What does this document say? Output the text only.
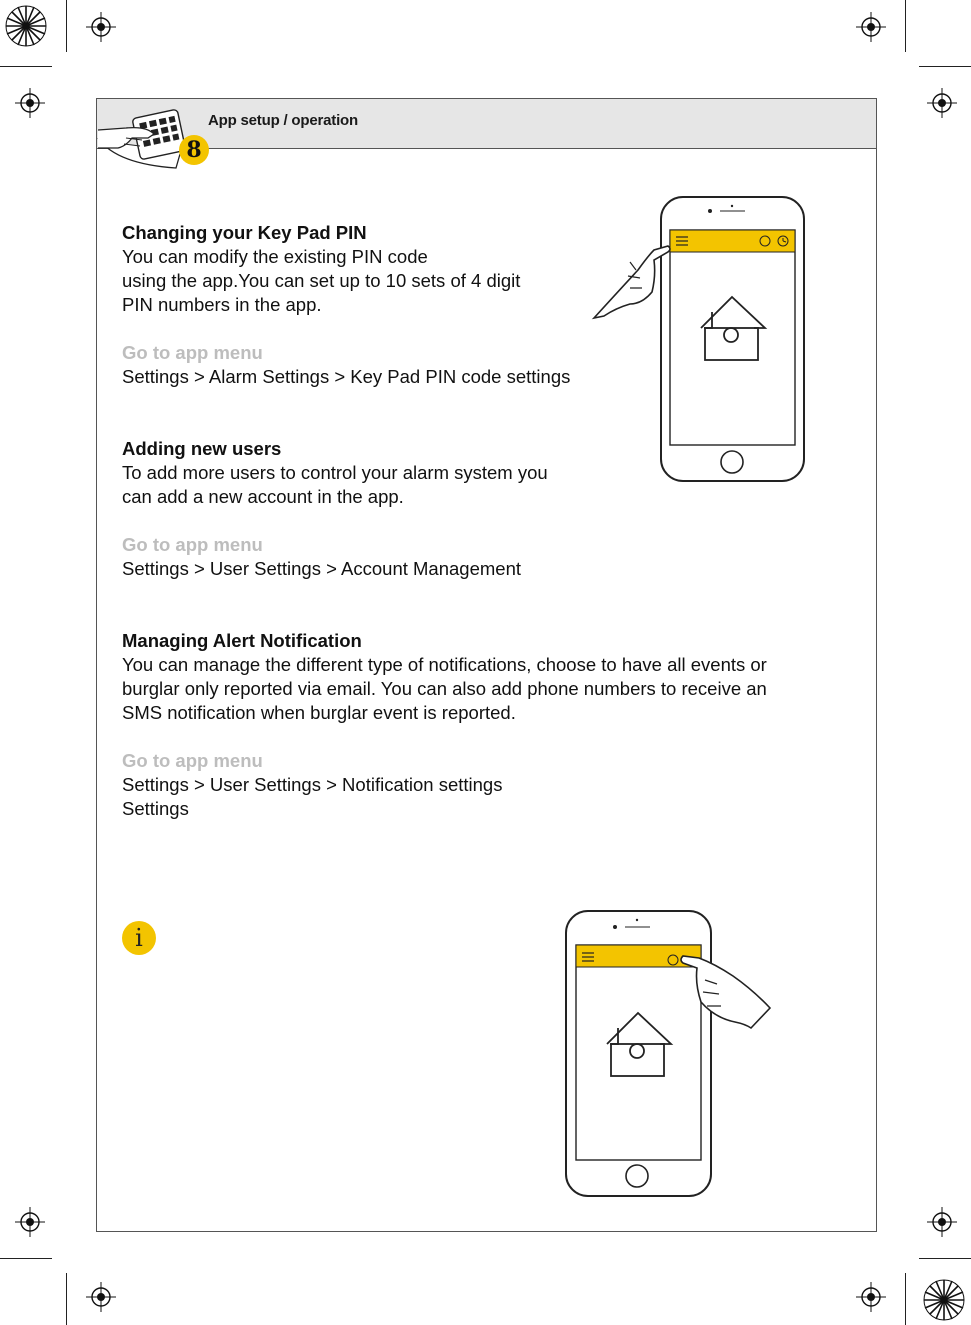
8
App setup / operation

Changing your Key Pad PIN

You can modify the existing PIN code

using the app.You can set up to 10 sets of 4 digit

PIN numbers in the app.

Go to app menu

Settings > Alarm Settings > Key Pad PIN code settings

Adding new users

To add more users to control your alarm system you

can add a new account in the app.

Go to app menu

Settings > User Settings > Account Management

Managing Alert Notification

You can manage the different type of notifications, choose to have all events or

burglar only reported via email. You can also add phone numbers to receive an

SMS notification when burglar event is reported.

Go to app menu

Settings > User Settings > Notification settings

Settings

i
